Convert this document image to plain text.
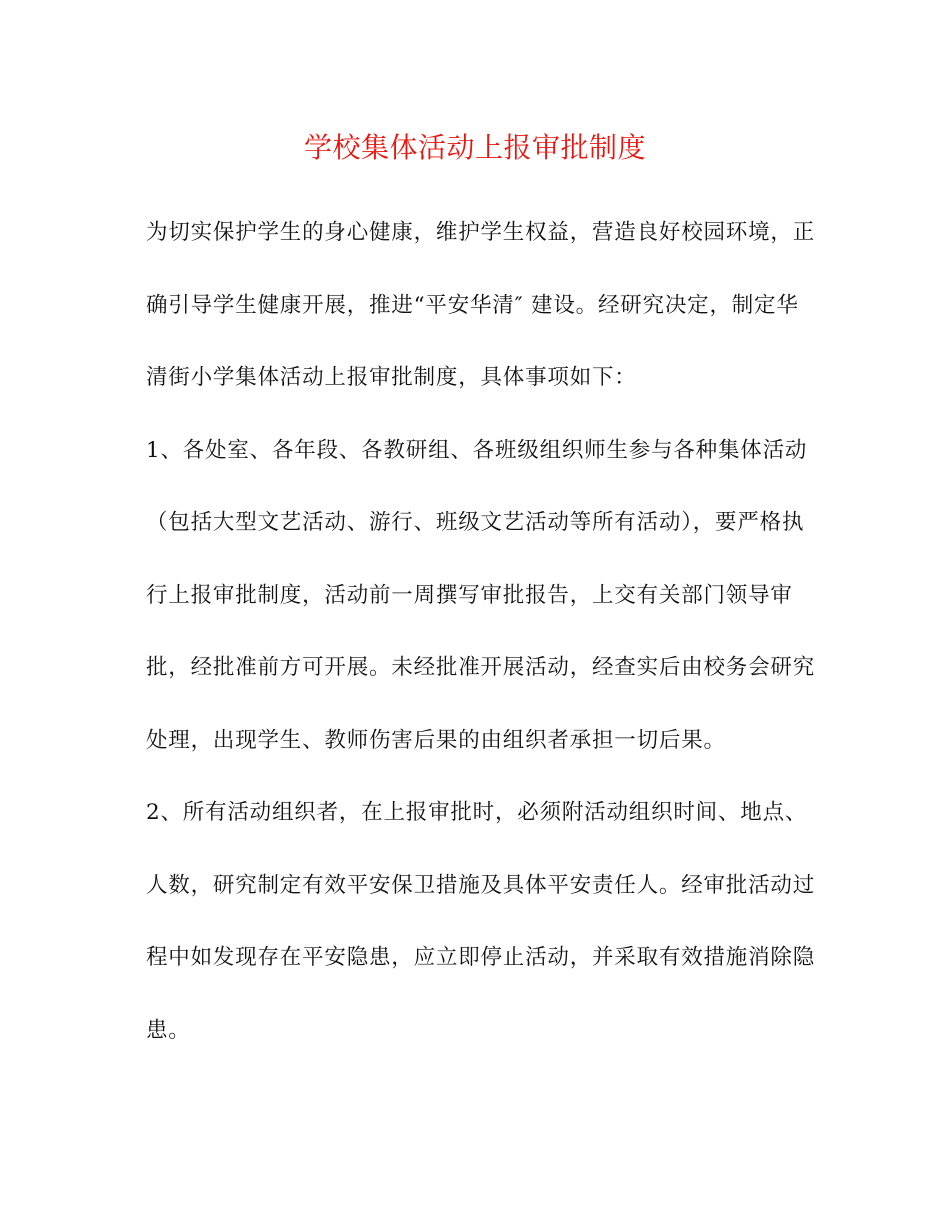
学校集体活动上报审批制度
为切实保护学生的身心健康，维护学生权益，营造良好校园环境，正
确引导学生健康开展，推进“平安华清″ 建设。经研究决定，制定华
清街小学集体活动上报审批制度，具体事项如下：
1、各处室、各年段、各教研组、各班级组织师生参与各种集体活动
（包括大型文艺活动、游行、班级文艺活动等所有活动），要严格执
行上报审批制度，活动前一周撰写审批报告，上交有关部门领导审
批，经批准前方可开展。未经批准开展活动，经查实后由校务会研究
处理，出现学生、教师伤害后果的由组织者承担一切后果。
2、所有活动组织者，在上报审批时，必须附活动组织时间、地点、
人数，研究制定有效平安保卫措施及具体平安责任人。经审批活动过
程中如发现存在平安隐患，应立即停止活动，并采取有效措施消除隐
患。
